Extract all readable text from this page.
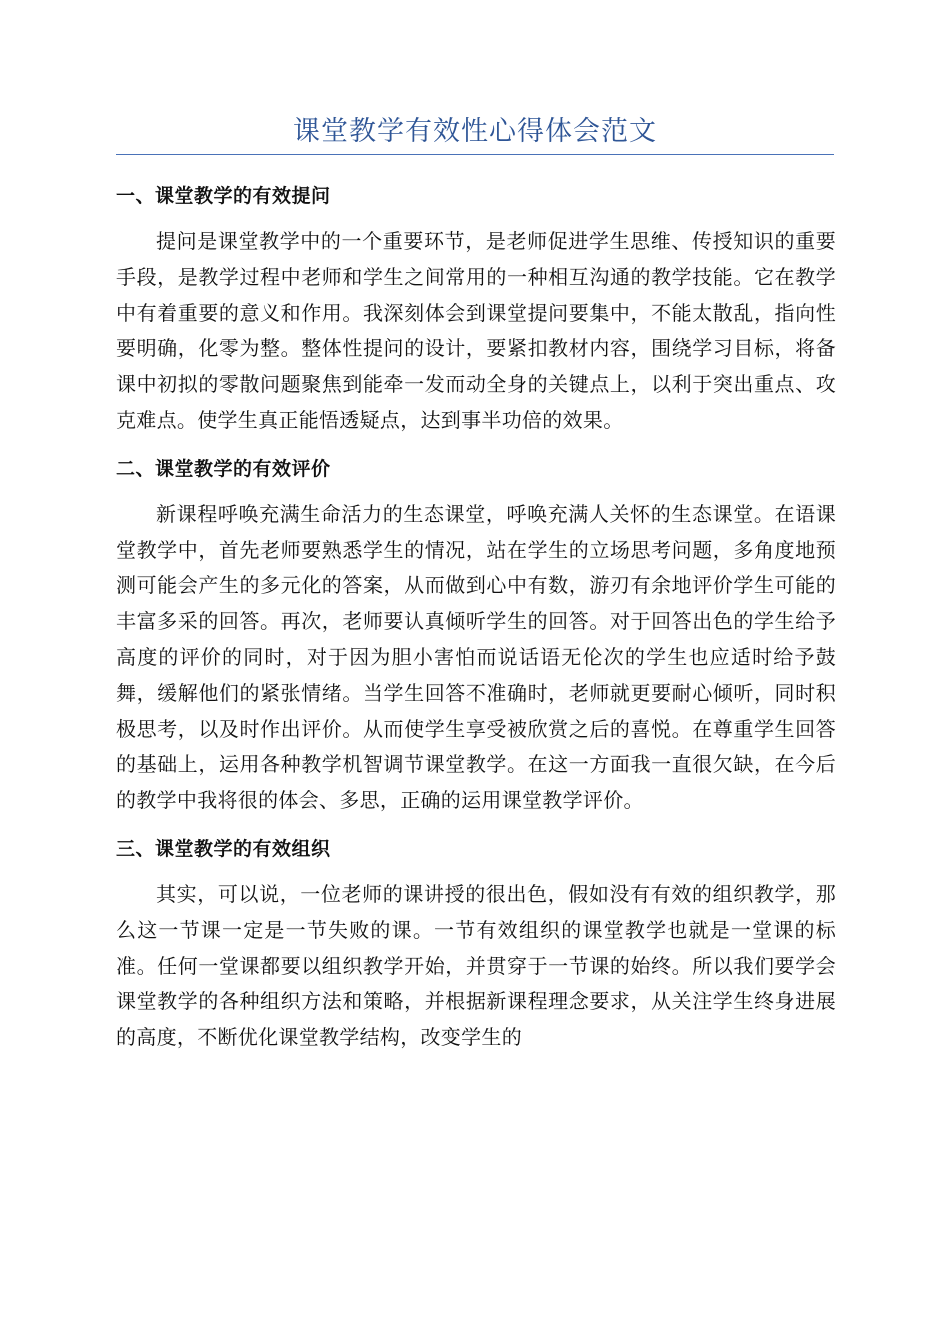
课堂教学有效性心得体会范文
一、课堂教学的有效提问

提问是课堂教学中的一个重要环节，是老师促进学生思维、传授知识的重要手段，是教学过程中老师和学生之间常用的一种相互沟通的教学技能。它在教学中有着重要的意义和作用。我深刻体会到课堂提问要集中，不能太散乱，指向性要明确，化零为整。整体性提问的设计，要紧扣教材内容，围绕学习目标，将备课中初拟的零散问题聚焦到能牵一发而动全身的关键点上，以利于突出重点、攻克难点。使学生真正能悟透疑点，达到事半功倍的效果。

二、课堂教学的有效评价

新课程呼唤充满生命活力的生态课堂，呼唤充满人关怀的生态课堂。在语课堂教学中，首先老师要熟悉学生的情况，站在学生的立场思考问题，多角度地预测可能会产生的多元化的答案，从而做到心中有数，游刃有余地评价学生可能的丰富多采的回答。再次，老师要认真倾听学生的回答。对于回答出色的学生给予高度的评价的同时，对于因为胆小害怕而说话语无伦次的学生也应适时给予鼓舞，缓解他们的紧张情绪。当学生回答不准确时，老师就更要耐心倾听，同时积极思考，以及时作出评价。从而使学生享受被欣赏之后的喜悦。在尊重学生回答的基础上，运用各种教学机智调节课堂教学。在这一方面我一直很欠缺，在今后的教学中我将很的体会、多思，正确的运用课堂教学评价。

三、课堂教学的有效组织

其实，可以说，一位老师的课讲授的很出色，假如没有有效的组织教学，那么这一节课一定是一节失败的课。一节有效组织的课堂教学也就是一堂课的标准。任何一堂课都要以组织教学开始，并贯穿于一节课的始终。所以我们要学会课堂教学的各种组织方法和策略，并根据新课程理念要求，从关注学生终身进展的高度，不断优化课堂教学结构，改变学生的
